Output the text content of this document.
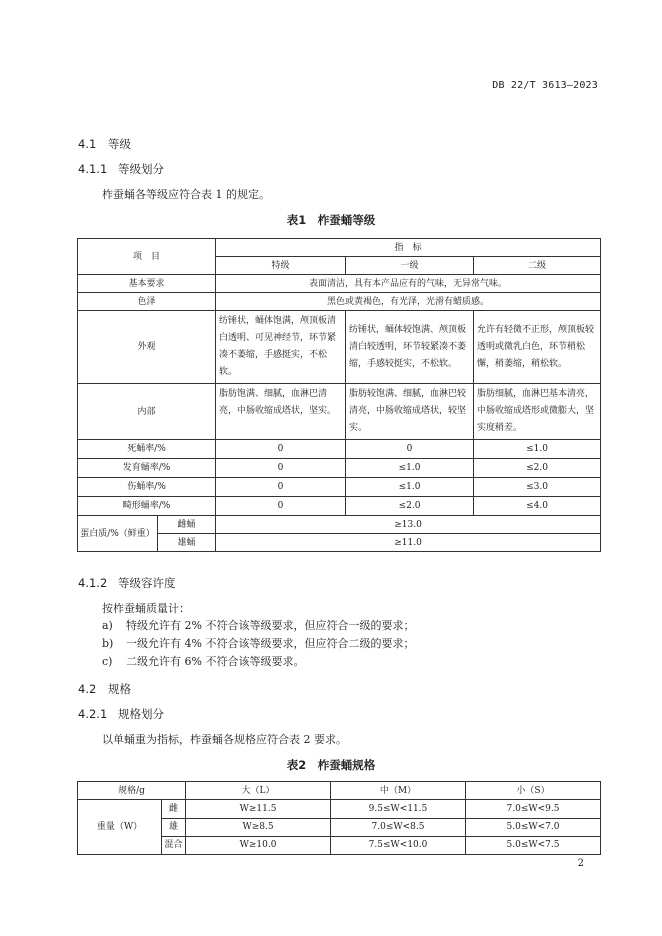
DB 22/T 3613—2023
4.1 等级
4.1.1 等级划分
柞蚕蛹各等级应符合表 1 的规定。
表1　柞蚕蛹等级
项　目		指　标		
		特级	一级	二级
基本要求		表面清洁，具有本产品应有的气味，无异常气味。		
色泽		黑色或黄褐色，有光泽，光滑有蜡质感。		
外观		纺锤状，蛹体饱满，颅顶板清白透明、可见神经节，环节紧凑不萎缩，手感挺实，不松软。	纺锤状，蛹体较饱满、颅顶板清白较透明，环节较紧凑不萎缩，手感较挺实，不松软。	允许有轻微不正形，颅顶板较透明或微乳白色，环节稍松懈，稍萎缩，稍松软。
内部		脂肪饱满、细腻，血淋巴清亮，中肠收缩成塔状，坚实。	脂肪较饱满、细腻，血淋巴较清亮，中肠收缩成塔状，较坚实。	脂肪细腻，血淋巴基本清亮，中肠收缩成塔形或微膨大，坚实度稍差。
死蛹率/%		0	0	≤1.0
发育蛹率/%		0	≤1.0	≤2.0
伤蛹率/%		0	≤1.0	≤3.0
畸形蛹率/%		0	≤2.0	≤4.0
蛋白质/%（鲜重）	雌蛹	≥13.0		
	雄蛹	≥11.0		
4.1.2 等级容许度
按柞蚕蛹质量计：
a) 特级允许有 2% 不符合该等级要求，但应符合一级的要求；
b) 一级允许有 4% 不符合该等级要求，但应符合二级的要求；
c) 二级允许有 6% 不符合该等级要求。
4.2 规格
4.2.1 规格划分
以单蛹重为指标，柞蚕蛹各规格应符合表 2 要求。
表2　柞蚕蛹规格
规格/g		大（L）	中（M）	小（S）
重量（W）	雌	W≥11.5	9.5≤W<11.5	7.0≤W<9.5
	雄	W≥8.5	7.0≤W<8.5	5.0≤W<7.0
	混合	W≥10.0	7.5≤W<10.0	5.0≤W<7.5
2
